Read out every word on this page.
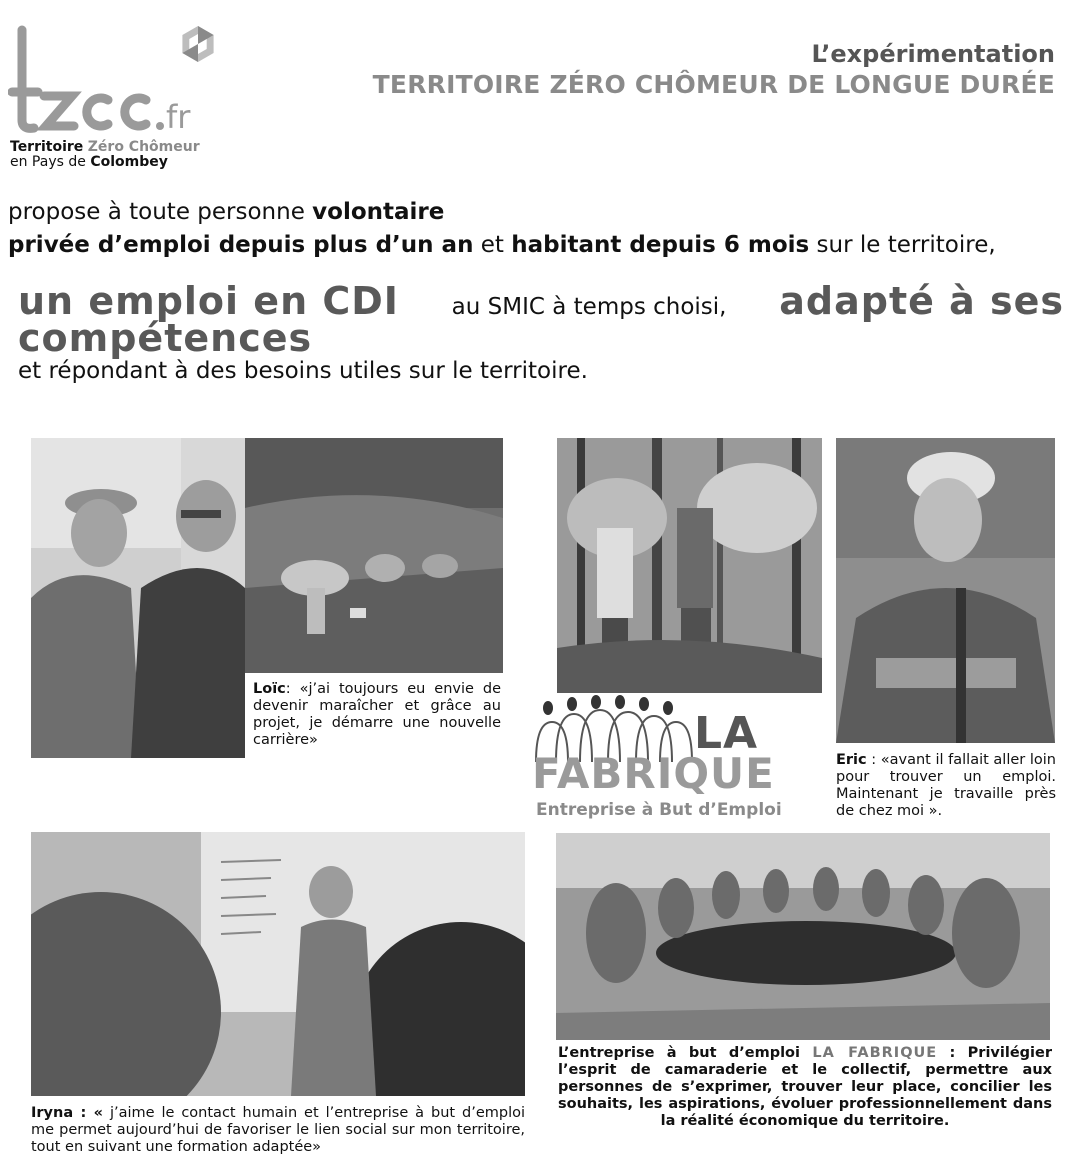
fr
Territoire Zéro Chômeur
en Pays de Colombey
L’expérimentation
TERRITOIRE ZÉRO CHÔMEUR DE LONGUE DURÉE
propose à toute personne volontaire
privée d’emploi depuis plus d’un an et habitant depuis 6 mois sur le territoire,
un emploi en CDI au SMIC à temps choisi, adapté à ses
compétences
et répondant à des besoins utiles sur le territoire.
Loïc: «j’ai toujours eu envie de devenir maraîcher et grâce au projet, je démarre une nouvelle carrière»
Eric : «avant il fallait aller loin pour trouver un emploi. Maintenant je travaille près de chez moi ».
Iryna : « j’aime le contact humain et l’entreprise à but d’emploi me permet aujourd’hui de favoriser le lien social sur mon territoire, tout en suivant une formation adaptée»
L’entreprise à but d’emploi LA FABRIQUE : Privilégier l’esprit de camaraderie et le collectif, permettre aux personnes de s’exprimer, trouver leur place, concilier les souhaits, les aspirations, évoluer professionnellement dans la réalité économique du territoire.
LA
FABRIQUE
Entreprise à But d’Emploi
